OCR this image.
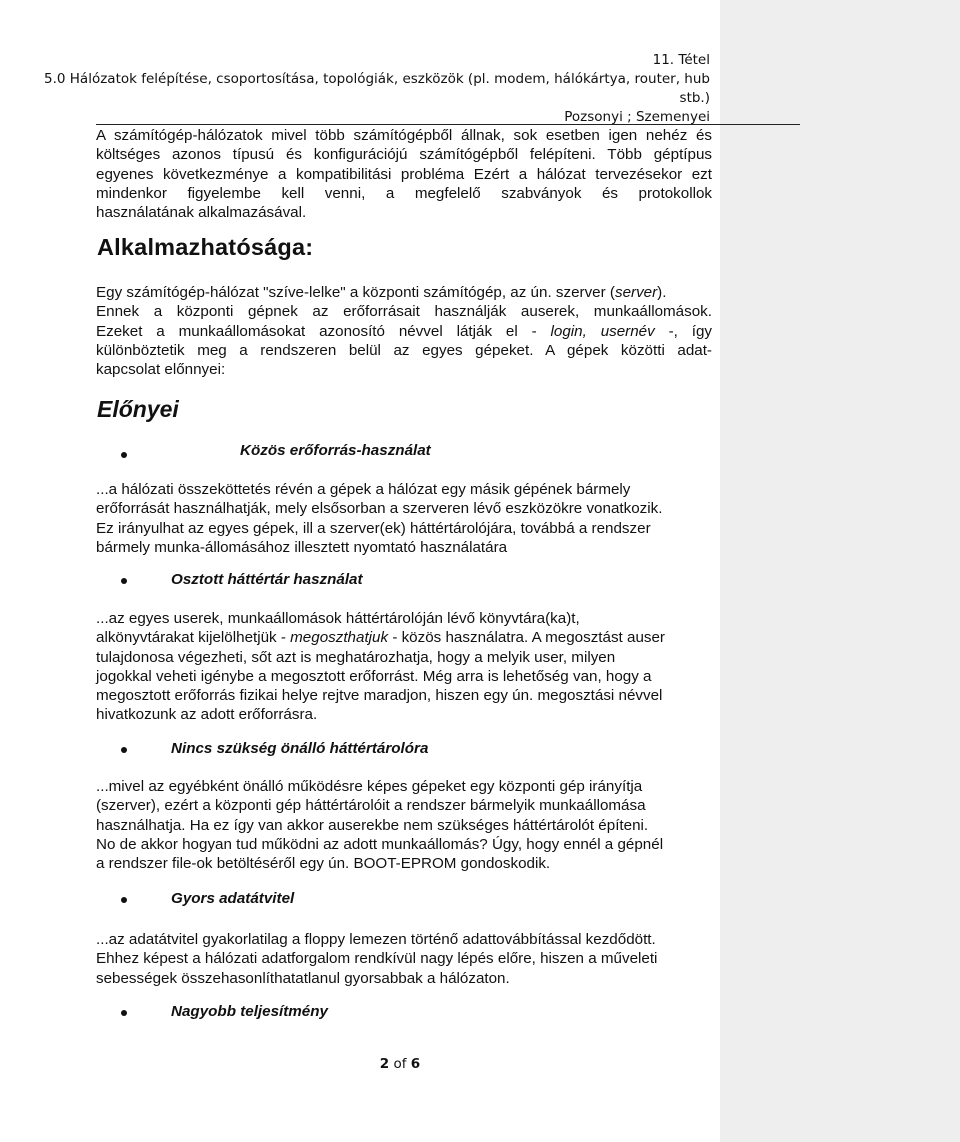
11. Tétel
5.0 Hálózatok felépítése, csoportosítása, topológiák, eszközök (pl. modem, hálókártya, router, hub
stb.)
Pozsonyi ; Szemenyei
A számítógép-hálózatok mivel több számítógépből állnak, sok esetben igen nehéz és
költséges azonos típusú és konfigurációjú számítógépből felépíteni. Több géptípus
egyenes következménye a kompatibilitási probléma Ezért a hálózat tervezésekor ezt
mindenkor figyelembe kell venni, a megfelelő szabványok és protokollok
használatának alkalmazásával.
Alkalmazhatósága:
Egy számítógép-hálózat "szíve-lelke" a központi számítógép, az ún. szerver (server).
Ennek a központi gépnek az erőforrásait használják auserek, munkaállomások.
Ezeket a munkaállomásokat azonosító névvel látják el - login, usernév -, így
különböztetik meg a rendszeren belül az egyes gépeket. A gépek közötti adat-
kapcsolat előnnyei:
Előnyei
Közös erőforrás-használat
...a hálózati összeköttetés révén a gépek a hálózat egy másik gépének bármely
erőforrását használhatják, mely elsősorban a szerveren lévő eszközökre vonatkozik.
Ez irányulhat az egyes gépek, ill a szerver(ek) háttértárolójára, továbbá a rendszer
bármely munka-állomásához illesztett nyomtató használatára
Osztott háttértár használat
...az egyes userek, munkaállomások háttértárolóján lévő könyvtára(ka)t,
alkönyvtárakat kijelölhetjük - megoszthatjuk - közös használatra. A megosztást auser
tulajdonosa végezheti, sőt azt is meghatározhatja, hogy a melyik user, milyen
jogokkal veheti igénybe a megosztott erőforrást. Még arra is lehetőség van, hogy a
megosztott erőforrás fizikai helye rejtve maradjon, hiszen egy ún. megosztási névvel
hivatkozunk az adott erőforrásra.
Nincs szükség önálló háttértárolóra
...mivel az egyébként önálló működésre képes gépeket egy központi gép irányítja
(szerver), ezért a központi gép háttértárolóit a rendszer bármelyik munkaállomása
használhatja. Ha ez így van akkor auserekbe nem szükséges háttértárolót építeni.
No de akkor hogyan tud működni az adott munkaállomás? Úgy, hogy ennél a gépnél
a rendszer file-ok betöltéséről egy ún. BOOT-EPROM gondoskodik.
Gyors adatátvitel
...az adatátvitel gyakorlatilag a floppy lemezen történő adattovábbítással kezdődött.
Ehhez képest a hálózati adatforgalom rendkívül nagy lépés előre, hiszen a műveleti
sebességek összehasonlíthatatlanul gyorsabbak a hálózaton.
Nagyobb teljesítmény
2 of 6
